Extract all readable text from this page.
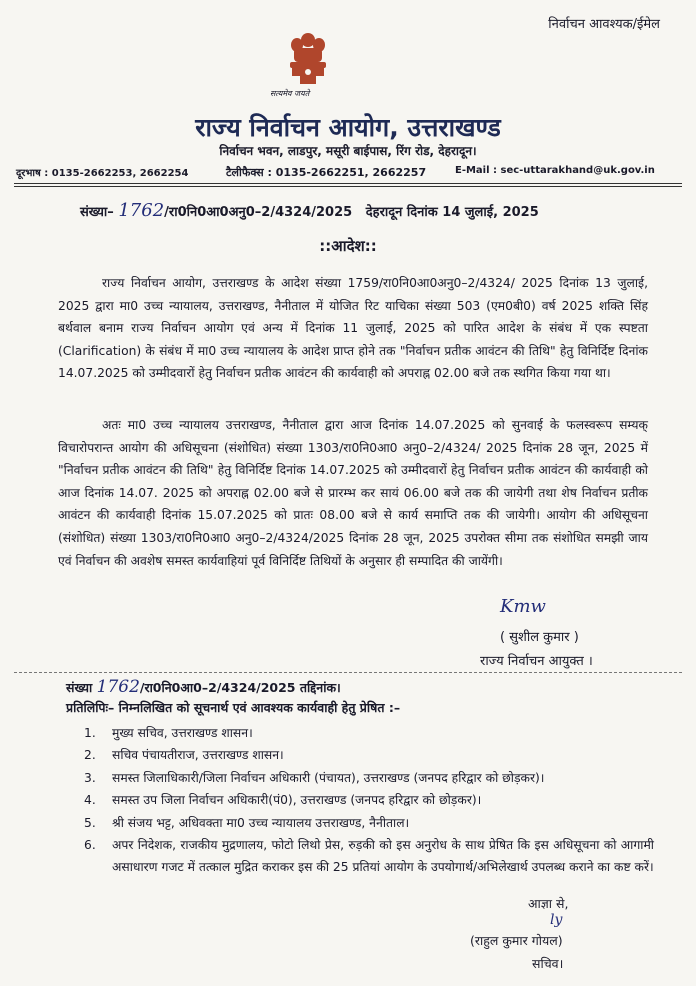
निर्वाचन आवश्यक/ईमेल
सत्यमेव जयते
राज्य निर्वाचन आयोग, उत्तराखण्ड
निर्वाचन भवन, लाडपुर, मसूरी बाईपास, रिंग रोड, देहरादून।
दूरभाष : 0135-2662253, 2662254	टैलीफैक्स : 0135-2662251, 2662257	E-Mail : sec-uttarakhand@uk.gov.in
संख्या– 1762/रा0नि0आ0अनु0–2/4324/2025 देहरादून दिनांक 14 जुलाई, 2025
::आदेश::

राज्य निर्वाचन आयोग, उत्तराखण्ड के आदेश संख्या 1759/रा0नि0आ0अनु0–2/4324/ 2025 दिनांक 13 जुलाई, 2025 द्वारा मा0 उच्च न्यायालय, उत्तराखण्ड, नैनीताल में योजित रिट याचिका संख्या 503 (एम0बी0) वर्ष 2025 शक्ति सिंह बर्थवाल बनाम राज्य निर्वाचन आयोग एवं अन्य में दिनांक 11 जुलाई, 2025 को पारित आदेश के संबंध में एक स्पष्टता (Clarification) के संबंध में मा0 उच्च न्यायालय के आदेश प्राप्त होने तक "निर्वाचन प्रतीक आवंटन की तिथि" हेतु विनिर्दिष्ट दिनांक 14.07.2025 को उम्मीदवारों हेतु निर्वाचन प्रतीक आवंटन की कार्यवाही को अपराह्न 02.00 बजे तक स्थगित किया गया था।

अतः मा0 उच्च न्यायालय उत्तराखण्ड, नैनीताल द्वारा आज दिनांक 14.07.2025 को सुनवाई के फलस्वरूप सम्यक् विचारोपरान्त आयोग की अधिसूचना (संशोधित) संख्या 1303/रा0नि0आ0 अनु0–2/4324/ 2025 दिनांक 28 जून, 2025 में "निर्वाचन प्रतीक आवंटन की तिथि" हेतु विनिर्दिष्ट दिनांक 14.07.2025 को उम्मीदवारों हेतु निर्वाचन प्रतीक आवंटन की कार्यवाही को आज दिनांक 14.07. 2025 को अपराह्न 02.00 बजे से प्रारम्भ कर सायं 06.00 बजे तक की जायेगी तथा शेष निर्वाचन प्रतीक आवंटन की कार्यवाही दिनांक 15.07.2025 को प्रातः 08.00 बजे से कार्य समाप्ति तक की जायेगी। आयोग की अधिसूचना (संशोधित) संख्या 1303/रा0नि0आ0 अनु0–2/4324/2025 दिनांक 28 जून, 2025 उपरोक्त सीमा तक संशोधित समझी जाय एवं निर्वाचन की अवशेष समस्त कार्यवाहियां पूर्व विनिर्दिष्ट तिथियों के अनुसार ही सम्पादित की जायेंगी।

Kmw
( सुशील कुमार )
राज्य निर्वाचन आयुक्त ।
संख्या 1762/रा0नि0आ0–2/4324/2025 तद्दिनांक।
प्रतिलिपिः– निम्नलिखित को सूचनार्थ एवं आवश्यक कार्यवाही हेतु प्रेषित :–
1. मुख्य सचिव, उत्तराखण्ड शासन।
2. सचिव पंचायतीराज, उत्तराखण्ड शासन।
3. समस्त जिलाधिकारी/जिला निर्वाचन अधिकारी (पंचायत), उत्तराखण्ड (जनपद हरिद्वार को छोड़कर)।
4. समस्त उप जिला निर्वाचन अधिकारी(पं0), उत्तराखण्ड (जनपद हरिद्वार को छोड़कर)।
5. श्री संजय भट्ट, अधिवक्ता मा0 उच्च न्यायालय उत्तराखण्ड, नैनीताल।
6. अपर निदेशक, राजकीय मुद्रणालय, फोटो लिथो प्रेस, रुड़की को इस अनुरोध के साथ प्रेषित कि इस अधिसूचना को आगामी असाधारण गजट में तत्काल मुद्रित कराकर इस की 25 प्रतियां आयोग के उपयोगार्थ/अभिलेखार्थ उपलब्ध कराने का कष्ट करें।
आज्ञा से,
ly
(राहुल कुमार गोयल)
सचिव।
